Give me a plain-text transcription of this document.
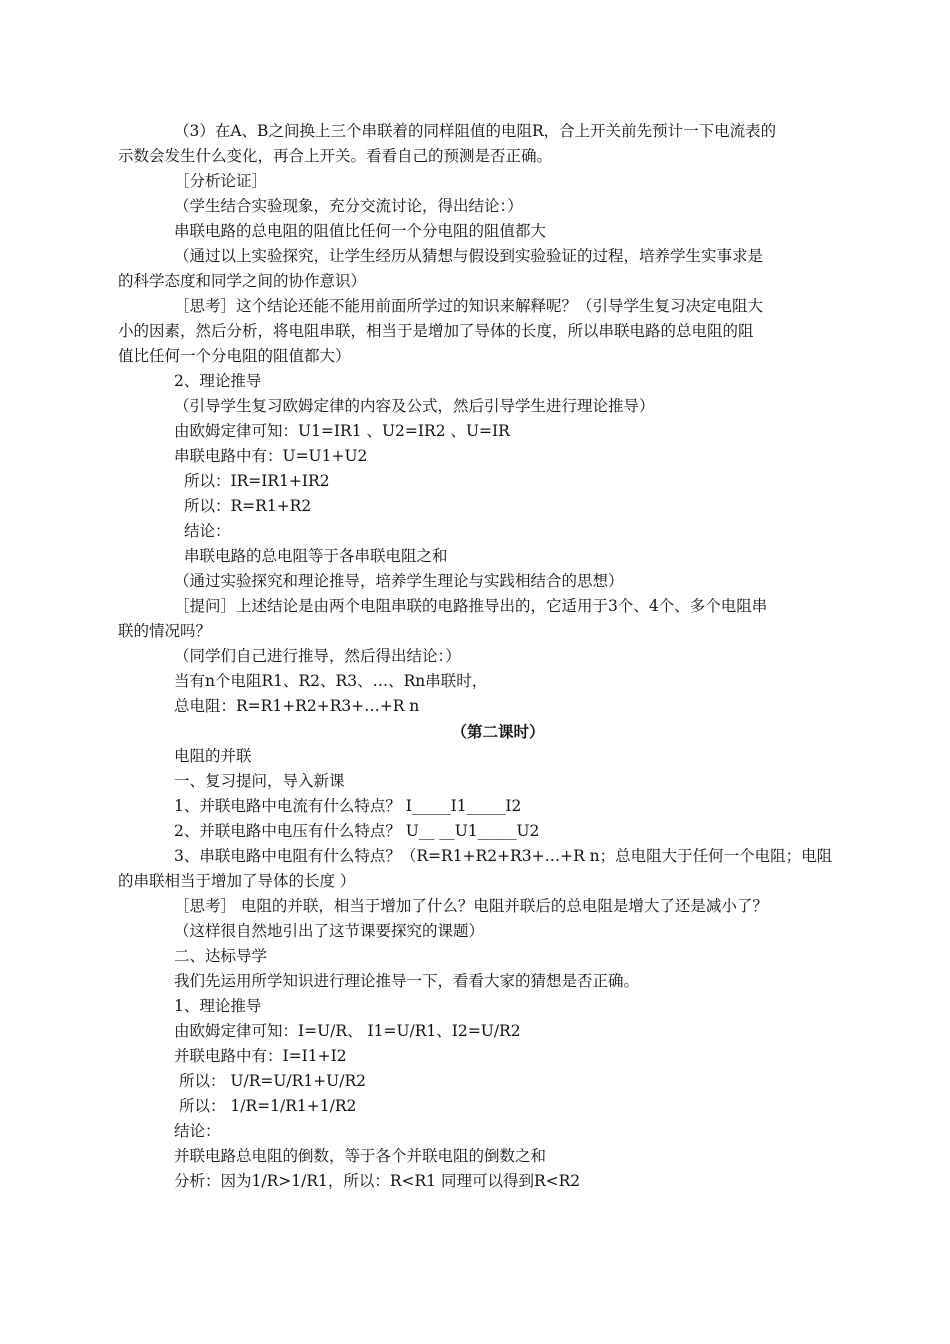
（3）在A、B之间换上三个串联着的同样阻值的电阻R，合上开关前先预计一下电流表的
示数会发生什么变化，再合上开关。看看自己的预测是否正确。
［分析论证］
（学生结合实验现象，充分交流讨论，得出结论：）
串联电路的总电阻的阻值比任何一个分电阻的阻值都大
（通过以上实验探究，让学生经历从猜想与假设到实验验证的过程，培养学生实事求是
的科学态度和同学之间的协作意识）
［思考］这个结论还能不能用前面所学过的知识来解释呢？（引导学生复习决定电阻大
小的因素，然后分析，将电阻串联，相当于是增加了导体的长度，所以串联电路的总电阻的阻
值比任何一个分电阻的阻值都大）
2、理论推导
（引导学生复习欧姆定律的内容及公式，然后引导学生进行理论推导）
由欧姆定律可知：U1=IR1 、U2=IR2 、U=IR
串联电路中有：U=U1+U2
所以：IR=IR1+IR2
所以：R=R1+R2
结论：
串联电路的总电阻等于各串联电阻之和
（通过实验探究和理论推导，培养学生理论与实践相结合的思想）
［提问］上述结论是由两个电阻串联的电路推导出的，它适用于3个、4个、多个电阻串
联的情况吗？
（同学们自己进行推导，然后得出结论：）
当有n个电阻R1、R2、R3、…、Rn串联时，
总电阻：R=R1+R2+R3+…+R n
（第二课时）
电阻的并联
一、复习提问，导入新课
1、并联电路中电流有什么特点？ I_____I1_____I2
2、并联电路中电压有什么特点？ U__ __U1_____U2
3、串联电路中电阻有什么特点？（R=R1+R2+R3+…+R n；总电阻大于任何一个电阻；电阻
的串联相当于增加了导体的长度 ）
［思考］ 电阻的并联，相当于增加了什么？电阻并联后的总电阻是增大了还是减小了？
（这样很自然地引出了这节课要探究的课题）
二、达标导学
我们先运用所学知识进行理论推导一下，看看大家的猜想是否正确。
1、理论推导
由欧姆定律可知：I=U/R、 I1=U/R1、I2=U/R2
并联电路中有：I=I1+I2
所以： U/R=U/R1+U/R2
所以： 1/R=1/R1+1/R2
结论：
并联电路总电阻的倒数，等于各个并联电阻的倒数之和
分析：因为1/R>1/R1，所以：R<R1 同理可以得到R<R2
